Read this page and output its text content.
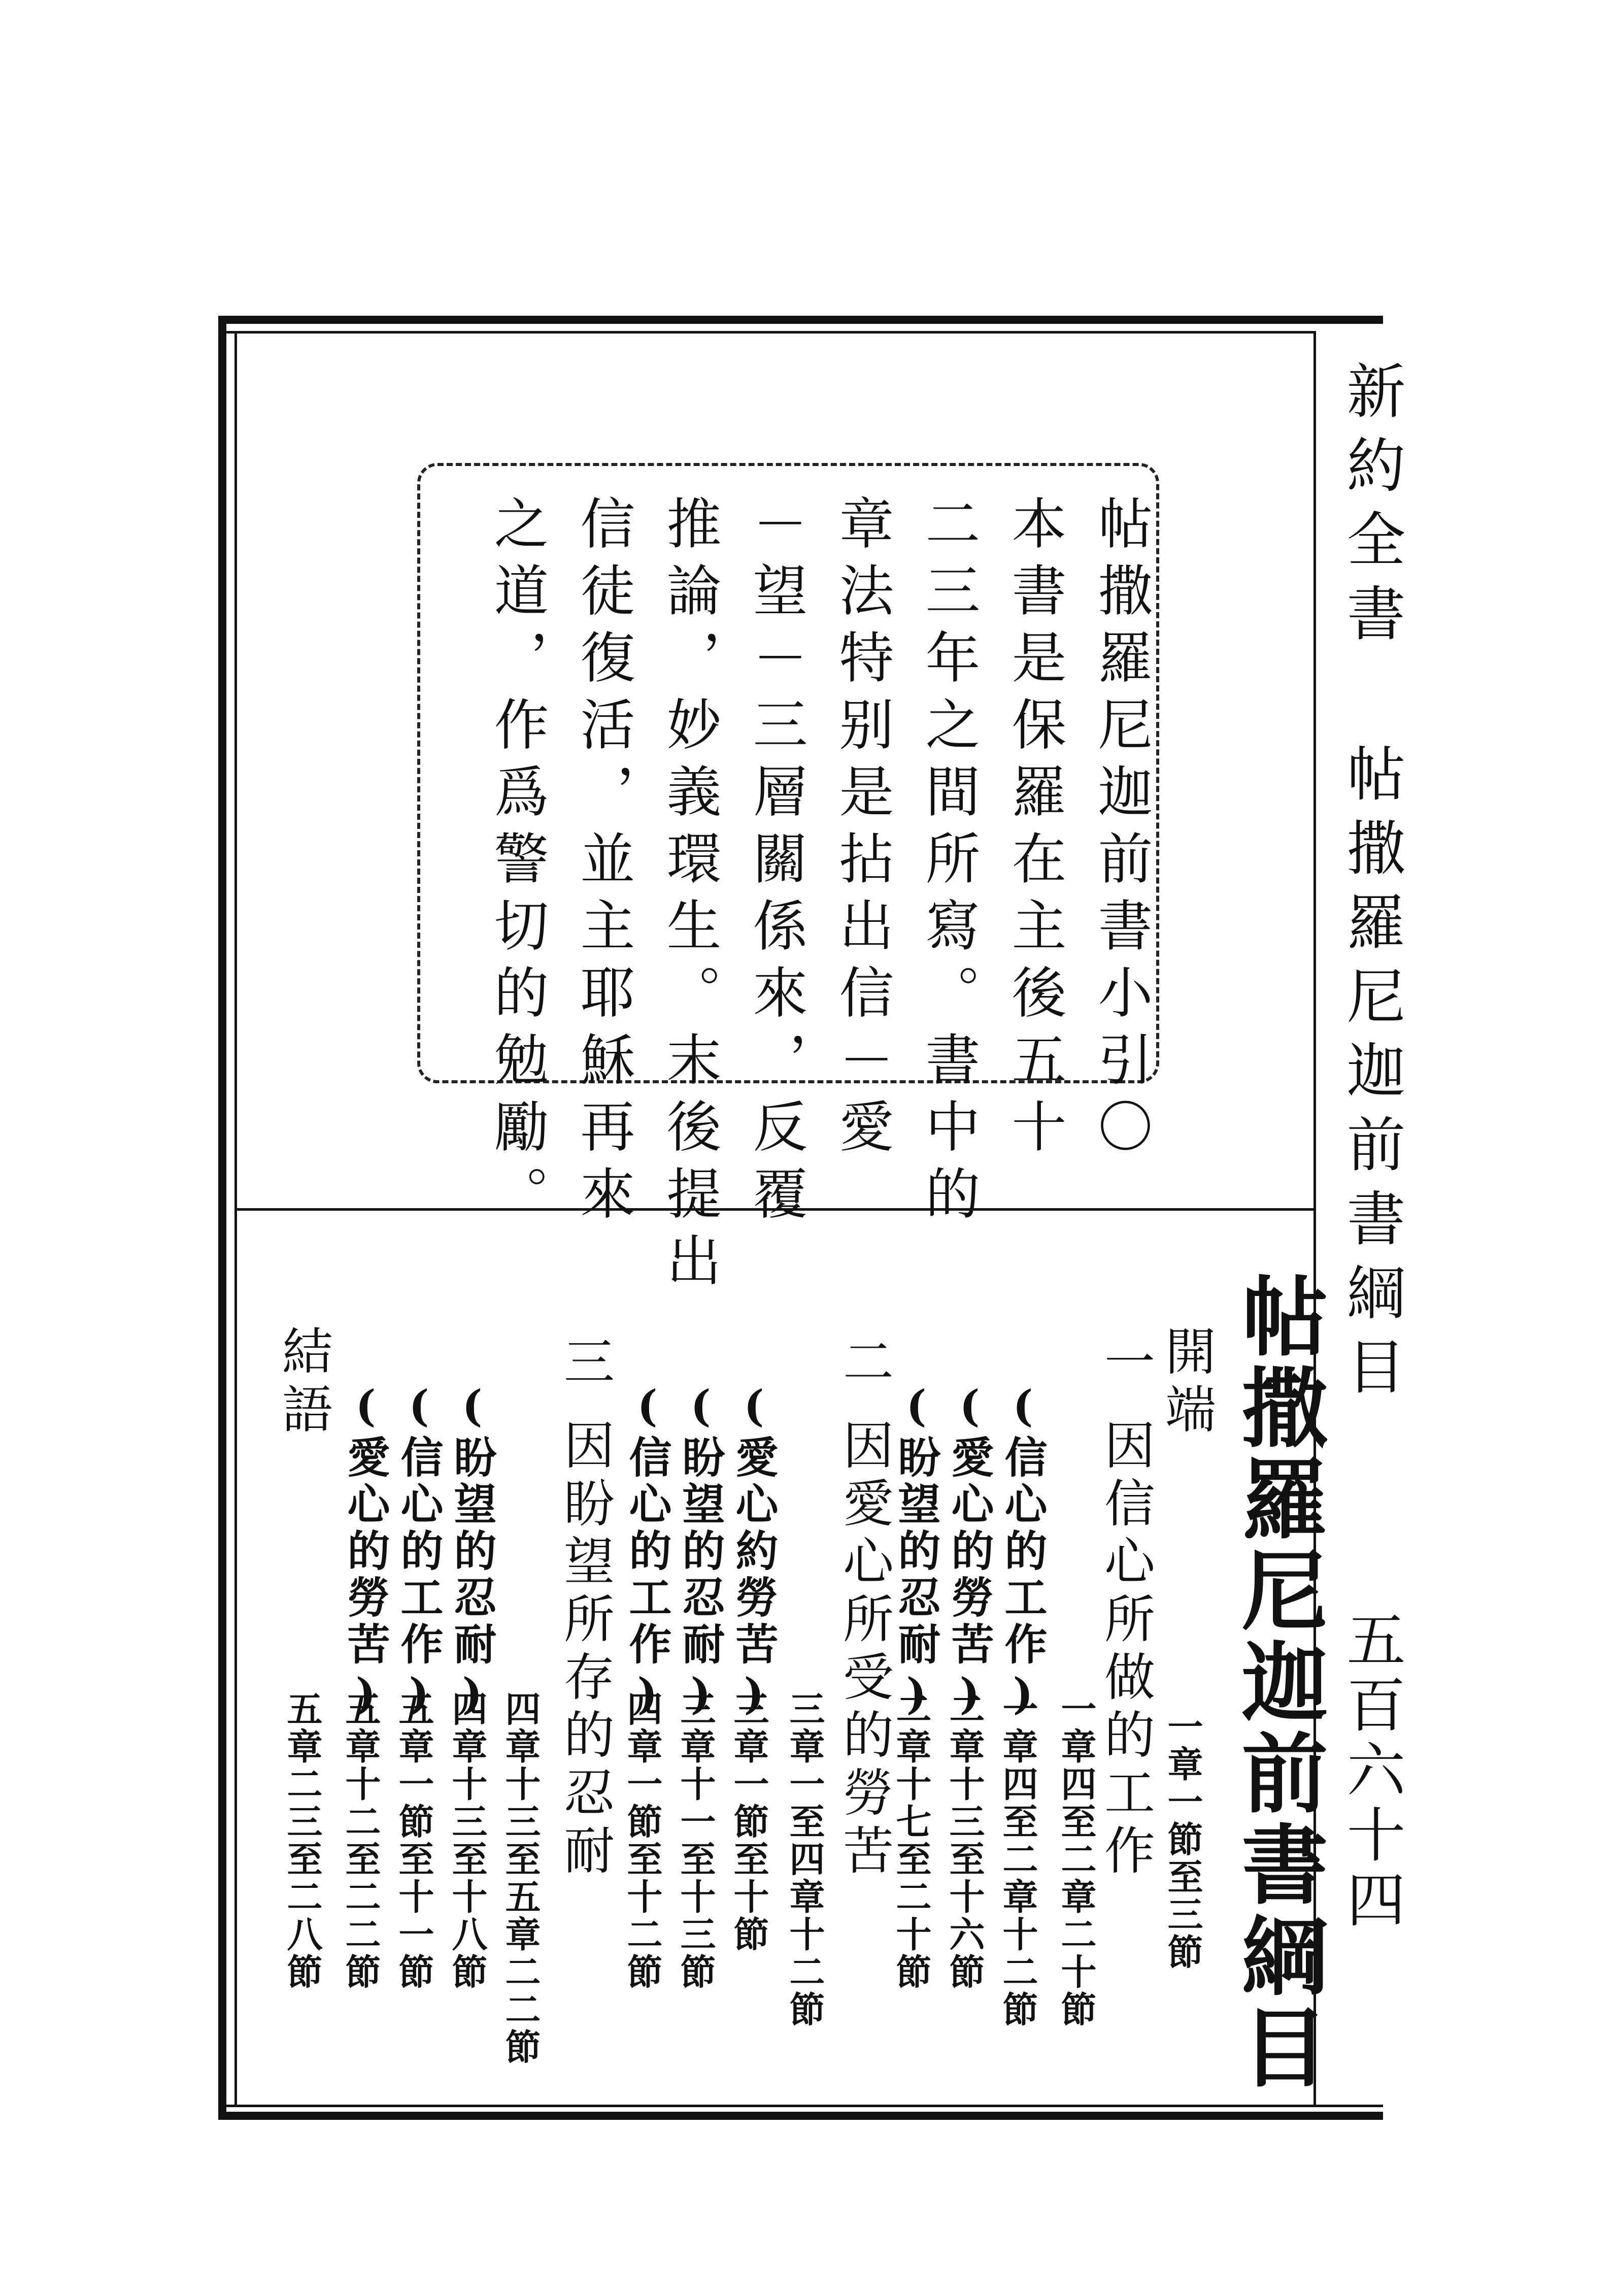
新約全書帖撒羅尼迦前書綱目
五百六十四
帖撒羅尼迦前書小引〇
本書是保羅在主後五十
二三年之間所寫。書中的
章法特别是拈出信－愛
－望－三層關係來，反覆
推論，妙義環生。末後提出
信徒復活，並主耶穌再來
之道，作爲警切的勉勵。
帖撒羅尼迦前書綱目
開端
一章一節至三節
一
因信心所做的工作
一章四至二章二十節
(信心的工作)
一章四至二章十二節
(愛心的勞苦)
二章十三至十六節
(盼望的忍耐)
二章十七至二十節
二
因愛心所受的勞苦
三章一至四章十二節
(愛心約勞苦)
三章一節至十節
(盼望的忍耐)
三章十一至十三節
(信心的工作)
四章一節至十二節
三
因盼望所存的忍耐
四章十三至五章二二節
(盼望的忍耐)
四章十三至十八節
(信心的工作)
五章一節至十一節
(愛心的勞苦)
五章十二至二二節
結語
五章二三至二八節
